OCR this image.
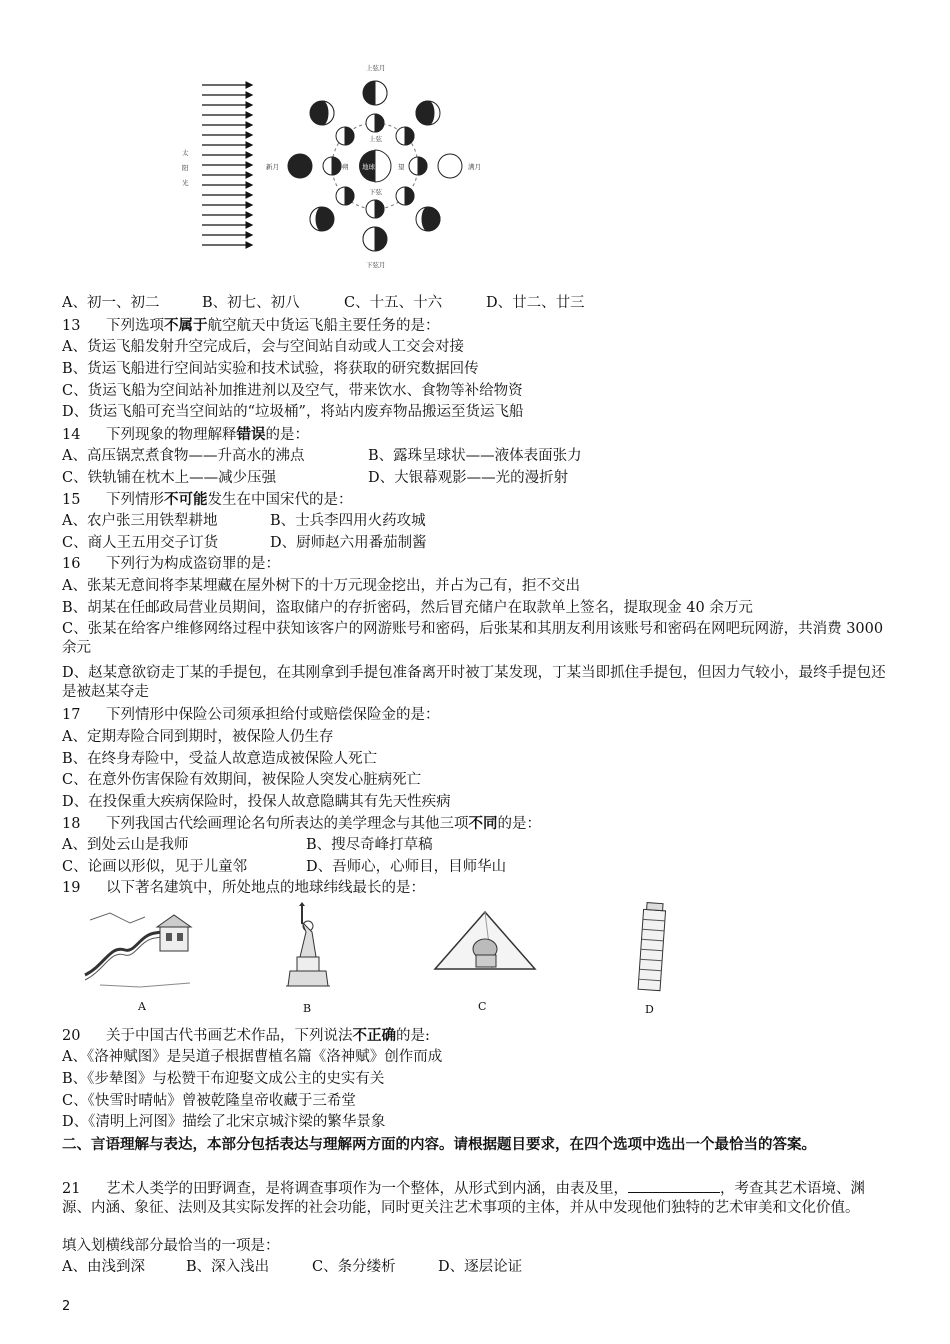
太
阳
光
上弦月
下弦月
新月	满月
上弦
下弦
朔	望
地球
A、初一、初二	B、初七、初八	C、十五、十六	D、廿二、廿三
13 下列选项不属于航空航天中货运飞船主要任务的是：
A、货运飞船发射升空完成后，会与空间站自动或人工交会对接
B、货运飞船进行空间站实验和技术试验，将获取的研究数据回传
C、货运飞船为空间站补加推进剂以及空气，带来饮水、食物等补给物资
D、货运飞船可充当空间站的“垃圾桶”，将站内废弃物品搬运至货运飞船
14 下列现象的物理解释错误的是：
A、高压锅烹煮食物——升高水的沸点	B、露珠呈球状——液体表面张力
C、铁轨铺在枕木上——减少压强	D、大银幕观影——光的漫折射
15 下列情形不可能发生在中国宋代的是：
A、农户张三用铁犁耕地	B、士兵李四用火药攻城
C、商人王五用交子订货	D、厨师赵六用番茄制酱
16 下列行为构成盗窃罪的是：
A、张某无意间将李某埋藏在屋外树下的十万元现金挖出，并占为己有，拒不交出
B、胡某在任邮政局营业员期间，盗取储户的存折密码，然后冒充储户在取款单上签名，提取现金 40 余万元
C、张某在给客户维修网络过程中获知该客户的网游账号和密码，后张某和其朋友利用该账号和密码在网吧玩网游，共消费 3000 余元
D、赵某意欲窃走丁某的手提包，在其刚拿到手提包准备离开时被丁某发现，丁某当即抓住手提包，但因力气较小，最终手提包还是被赵某夺走
17 下列情形中保险公司须承担给付或赔偿保险金的是：
A、定期寿险合同到期时，被保险人仍生存
B、在终身寿险中，受益人故意造成被保险人死亡
C、在意外伤害保险有效期间，被保险人突发心脏病死亡
D、在投保重大疾病保险时，投保人故意隐瞒其有先天性疾病
18 下列我国古代绘画理论名句所表达的美学理念与其他三项不同的是：
A、到处云山是我师	B、搜尽奇峰打草稿
C、论画以形似，见于儿童邻	D、吾师心，心师目，目师华山
19 以下著名建筑中，所处地点的地球纬线最长的是：
A	B	C	D
20 关于中国古代书画艺术作品，下列说法不正确的是:
A、《洛神赋图》是吴道子根据曹植名篇《洛神赋》创作而成
B、《步辇图》与松赞干布迎娶文成公主的史实有关
C、《快雪时晴帖》曾被乾隆皇帝收藏于三希堂
D、《清明上河图》描绘了北宋京城汴梁的繁华景象
二、言语理解与表达，本部分包括表达与理解两方面的内容。请根据题目要求，在四个选项中选出一个最恰当的答案。
21 艺术人类学的田野调查，是将调查事项作为一个整体，从形式到内涵，由表及里，	，考查其艺术语境、渊源、内涵、象征、法则及其实际发挥的社会功能，同时更关注艺术事项的主体，并从中发现他们独特的艺术审美和文化价值。
填入划横线部分最恰当的一项是：
A、由浅到深	B、深入浅出	C、条分缕析	D、逐层论证
2
